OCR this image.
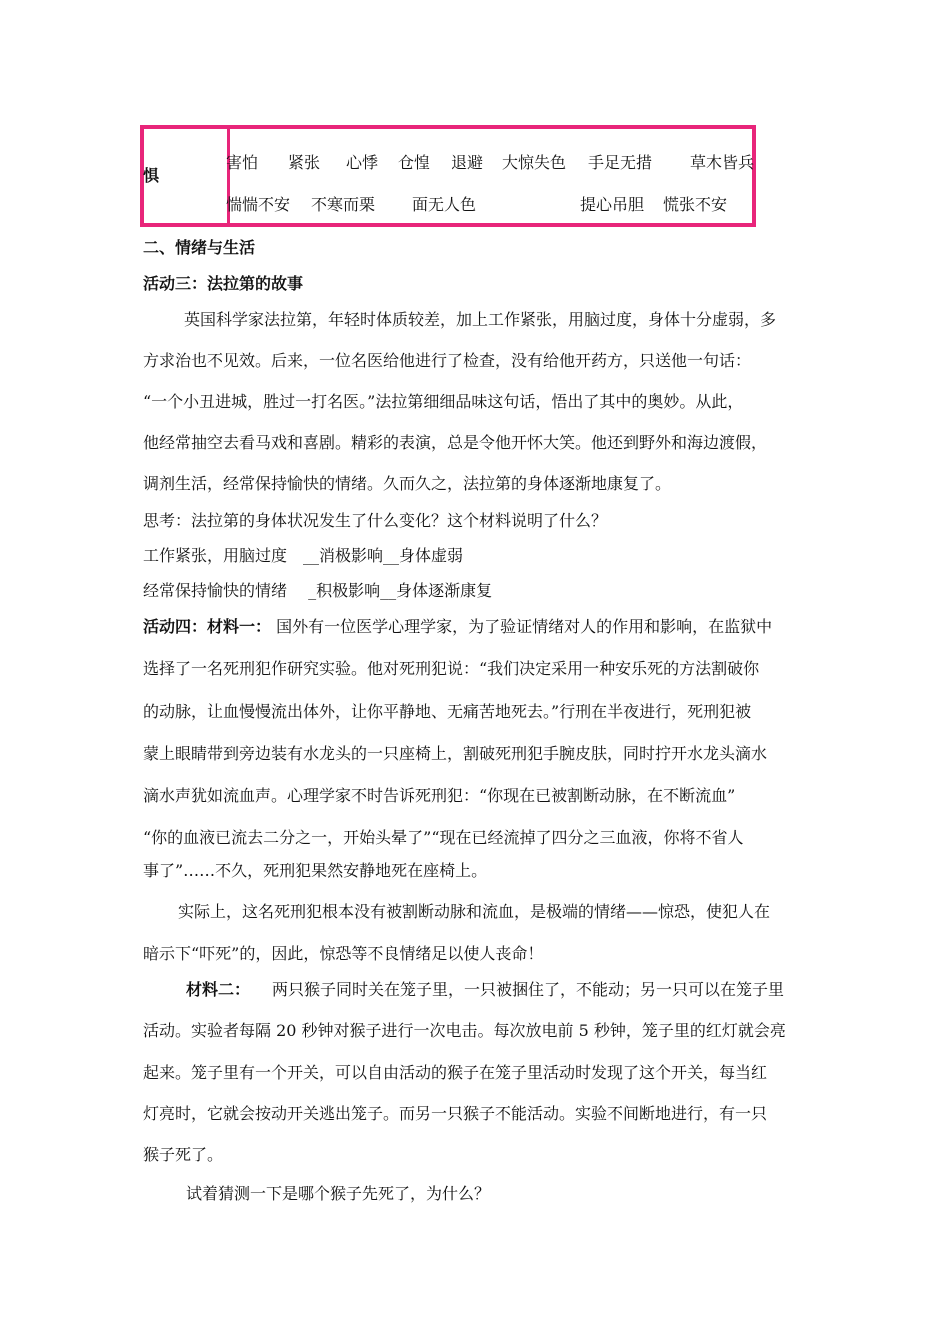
惧
害怕 紧张 心悸 仓惶 退避 大惊失色 手足无措 草木皆兵
惴惴不安 不寒而栗 面无人色	提心吊胆 慌张不安
二、情绪与生活
活动三：法拉第的故事
英国科学家法拉第，年轻时体质较差，加上工作紧张，用脑过度，身体十分虚弱，多
方求治也不见效。后来，一位名医给他进行了检查，没有给他开药方，只送他一句话：
“一个小丑进城，胜过一打名医。”法拉第细细品味这句话，悟出了其中的奥妙。从此，
他经常抽空去看马戏和喜剧。精彩的表演，总是令他开怀大笑。他还到野外和海边渡假，
调剂生活，经常保持愉快的情绪。久而久之，法拉第的身体逐渐地康复了。
思考：法拉第的身体状况发生了什么变化？这个材料说明了什么？
工作紧张，用脑过度　__消极影响__身体虚弱
经常保持愉快的情绪　 _积极影响__身体逐渐康复
活动四：材料一： 国外有一位医学心理学家，为了验证情绪对人的作用和影响，在监狱中
选择了一名死刑犯作研究实验。他对死刑犯说：“我们决定采用一种安乐死的方法割破你
的动脉，让血慢慢流出体外，让你平静地、无痛苦地死去。”行刑在半夜进行，死刑犯被
蒙上眼睛带到旁边装有水龙头的一只座椅上，割破死刑犯手腕皮肤，同时拧开水龙头滴水
滴水声犹如流血声。心理学家不时告诉死刑犯：“你现在已被割断动脉，在不断流血”
“你的血液已流去二分之一，开始头晕了”“现在已经流掉了四分之三血液，你将不省人
事了”……不久，死刑犯果然安静地死在座椅上。
实际上，这名死刑犯根本没有被割断动脉和流血，是极端的情绪——惊恐，使犯人在
暗示下“吓死”的，因此，惊恐等不良情绪足以使人丧命！
材料二： 两只猴子同时关在笼子里，一只被捆住了，不能动；另一只可以在笼子里
活动。实验者每隔 20 秒钟对猴子进行一次电击。每次放电前 5 秒钟，笼子里的红灯就会亮
起来。笼子里有一个开关，可以自由活动的猴子在笼子里活动时发现了这个开关，每当红
灯亮时，它就会按动开关逃出笼子。而另一只猴子不能活动。实验不间断地进行，有一只
猴子死了。
试着猜测一下是哪个猴子先死了，为什么？
